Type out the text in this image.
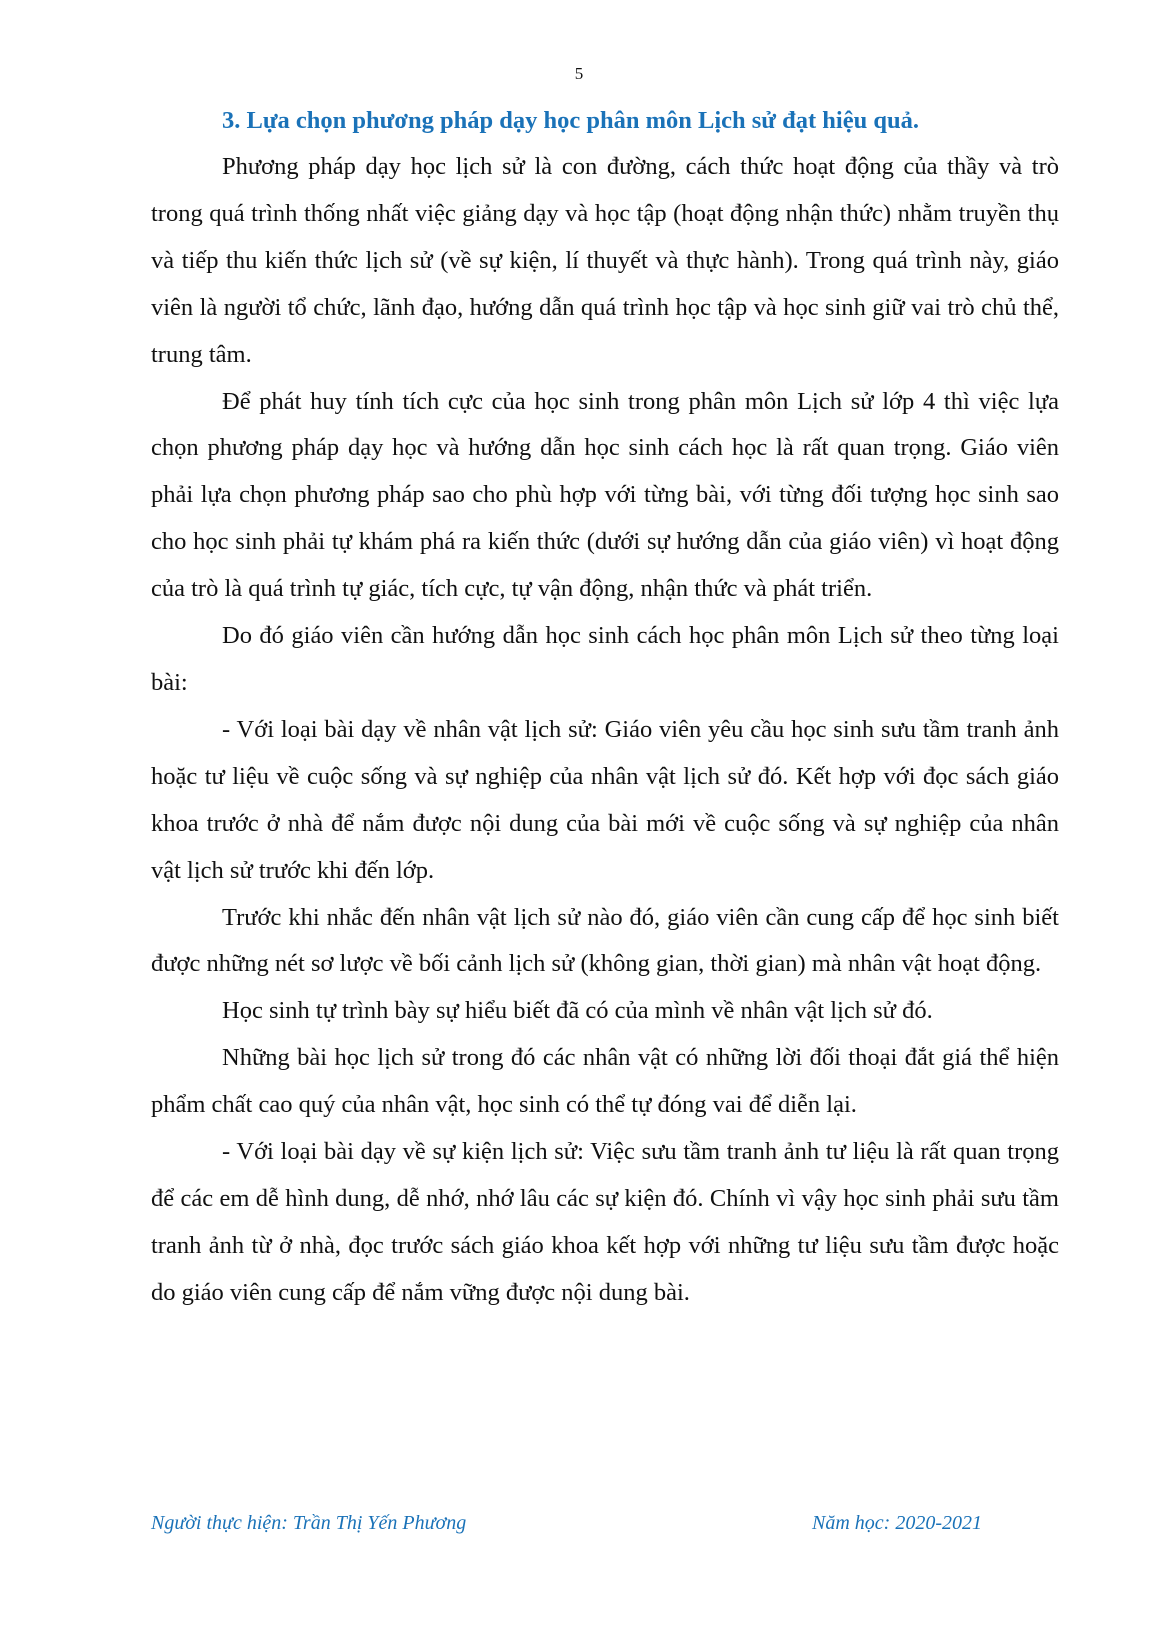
5
3. Lựa chọn phương pháp dạy học phân môn Lịch sử đạt hiệu quả.

Phương pháp dạy học lịch sử là con đường, cách thức hoạt động của thầy và trò trong quá trình thống nhất việc giảng dạy và học tập (hoạt động nhận thức) nhằm truyền thụ và tiếp thu kiến thức lịch sử (về sự kiện, lí thuyết và thực hành). Trong quá trình này, giáo viên là người tổ chức, lãnh đạo, hướng dẫn quá trình học tập và học sinh giữ vai trò chủ thể, trung tâm.

Để phát huy tính tích cực của học sinh trong phân môn Lịch sử lớp 4 thì việc lựa chọn phương pháp dạy học và hướng dẫn học sinh cách học là rất quan trọng. Giáo viên phải lựa chọn phương pháp sao cho phù hợp với từng bài, với từng đối tượng học sinh sao cho học sinh phải tự khám phá ra kiến thức (dưới sự hướng dẫn của giáo viên) vì hoạt động của trò là quá trình tự giác, tích cực, tự vận động, nhận thức và phát triển.

Do đó giáo viên cần hướng dẫn học sinh cách học phân môn Lịch sử theo từng loại bài:

- Với loại bài dạy về nhân vật lịch sử: Giáo viên yêu cầu học sinh sưu tầm tranh ảnh hoặc tư liệu về cuộc sống và sự nghiệp của nhân vật lịch sử đó. Kết hợp với đọc sách giáo khoa trước ở nhà để nắm được nội dung của bài mới về cuộc sống và sự nghiệp của nhân vật lịch sử trước khi đến lớp.

Trước khi nhắc đến nhân vật lịch sử nào đó, giáo viên cần cung cấp để học sinh biết được những nét sơ lược về bối cảnh lịch sử (không gian, thời gian) mà nhân vật hoạt động.

Học sinh tự trình bày sự hiểu biết đã có của mình về nhân vật lịch sử đó.

Những bài học lịch sử trong đó các nhân vật có những lời đối thoại đắt giá thể hiện phẩm chất cao quý của nhân vật, học sinh có thể tự đóng vai để diễn lại.

- Với loại bài dạy về sự kiện lịch sử: Việc sưu tầm tranh ảnh tư liệu là rất quan trọng để các em dễ hình dung, dễ nhớ, nhớ lâu các sự kiện đó. Chính vì vậy học sinh phải sưu tầm tranh ảnh từ ở nhà, đọc trước sách giáo khoa kết hợp với những tư liệu sưu tầm được hoặc do giáo viên cung cấp để nắm vững được nội dung bài.

Người thực hiện: Trần Thị Yến Phương	Năm học: 2020-2021
